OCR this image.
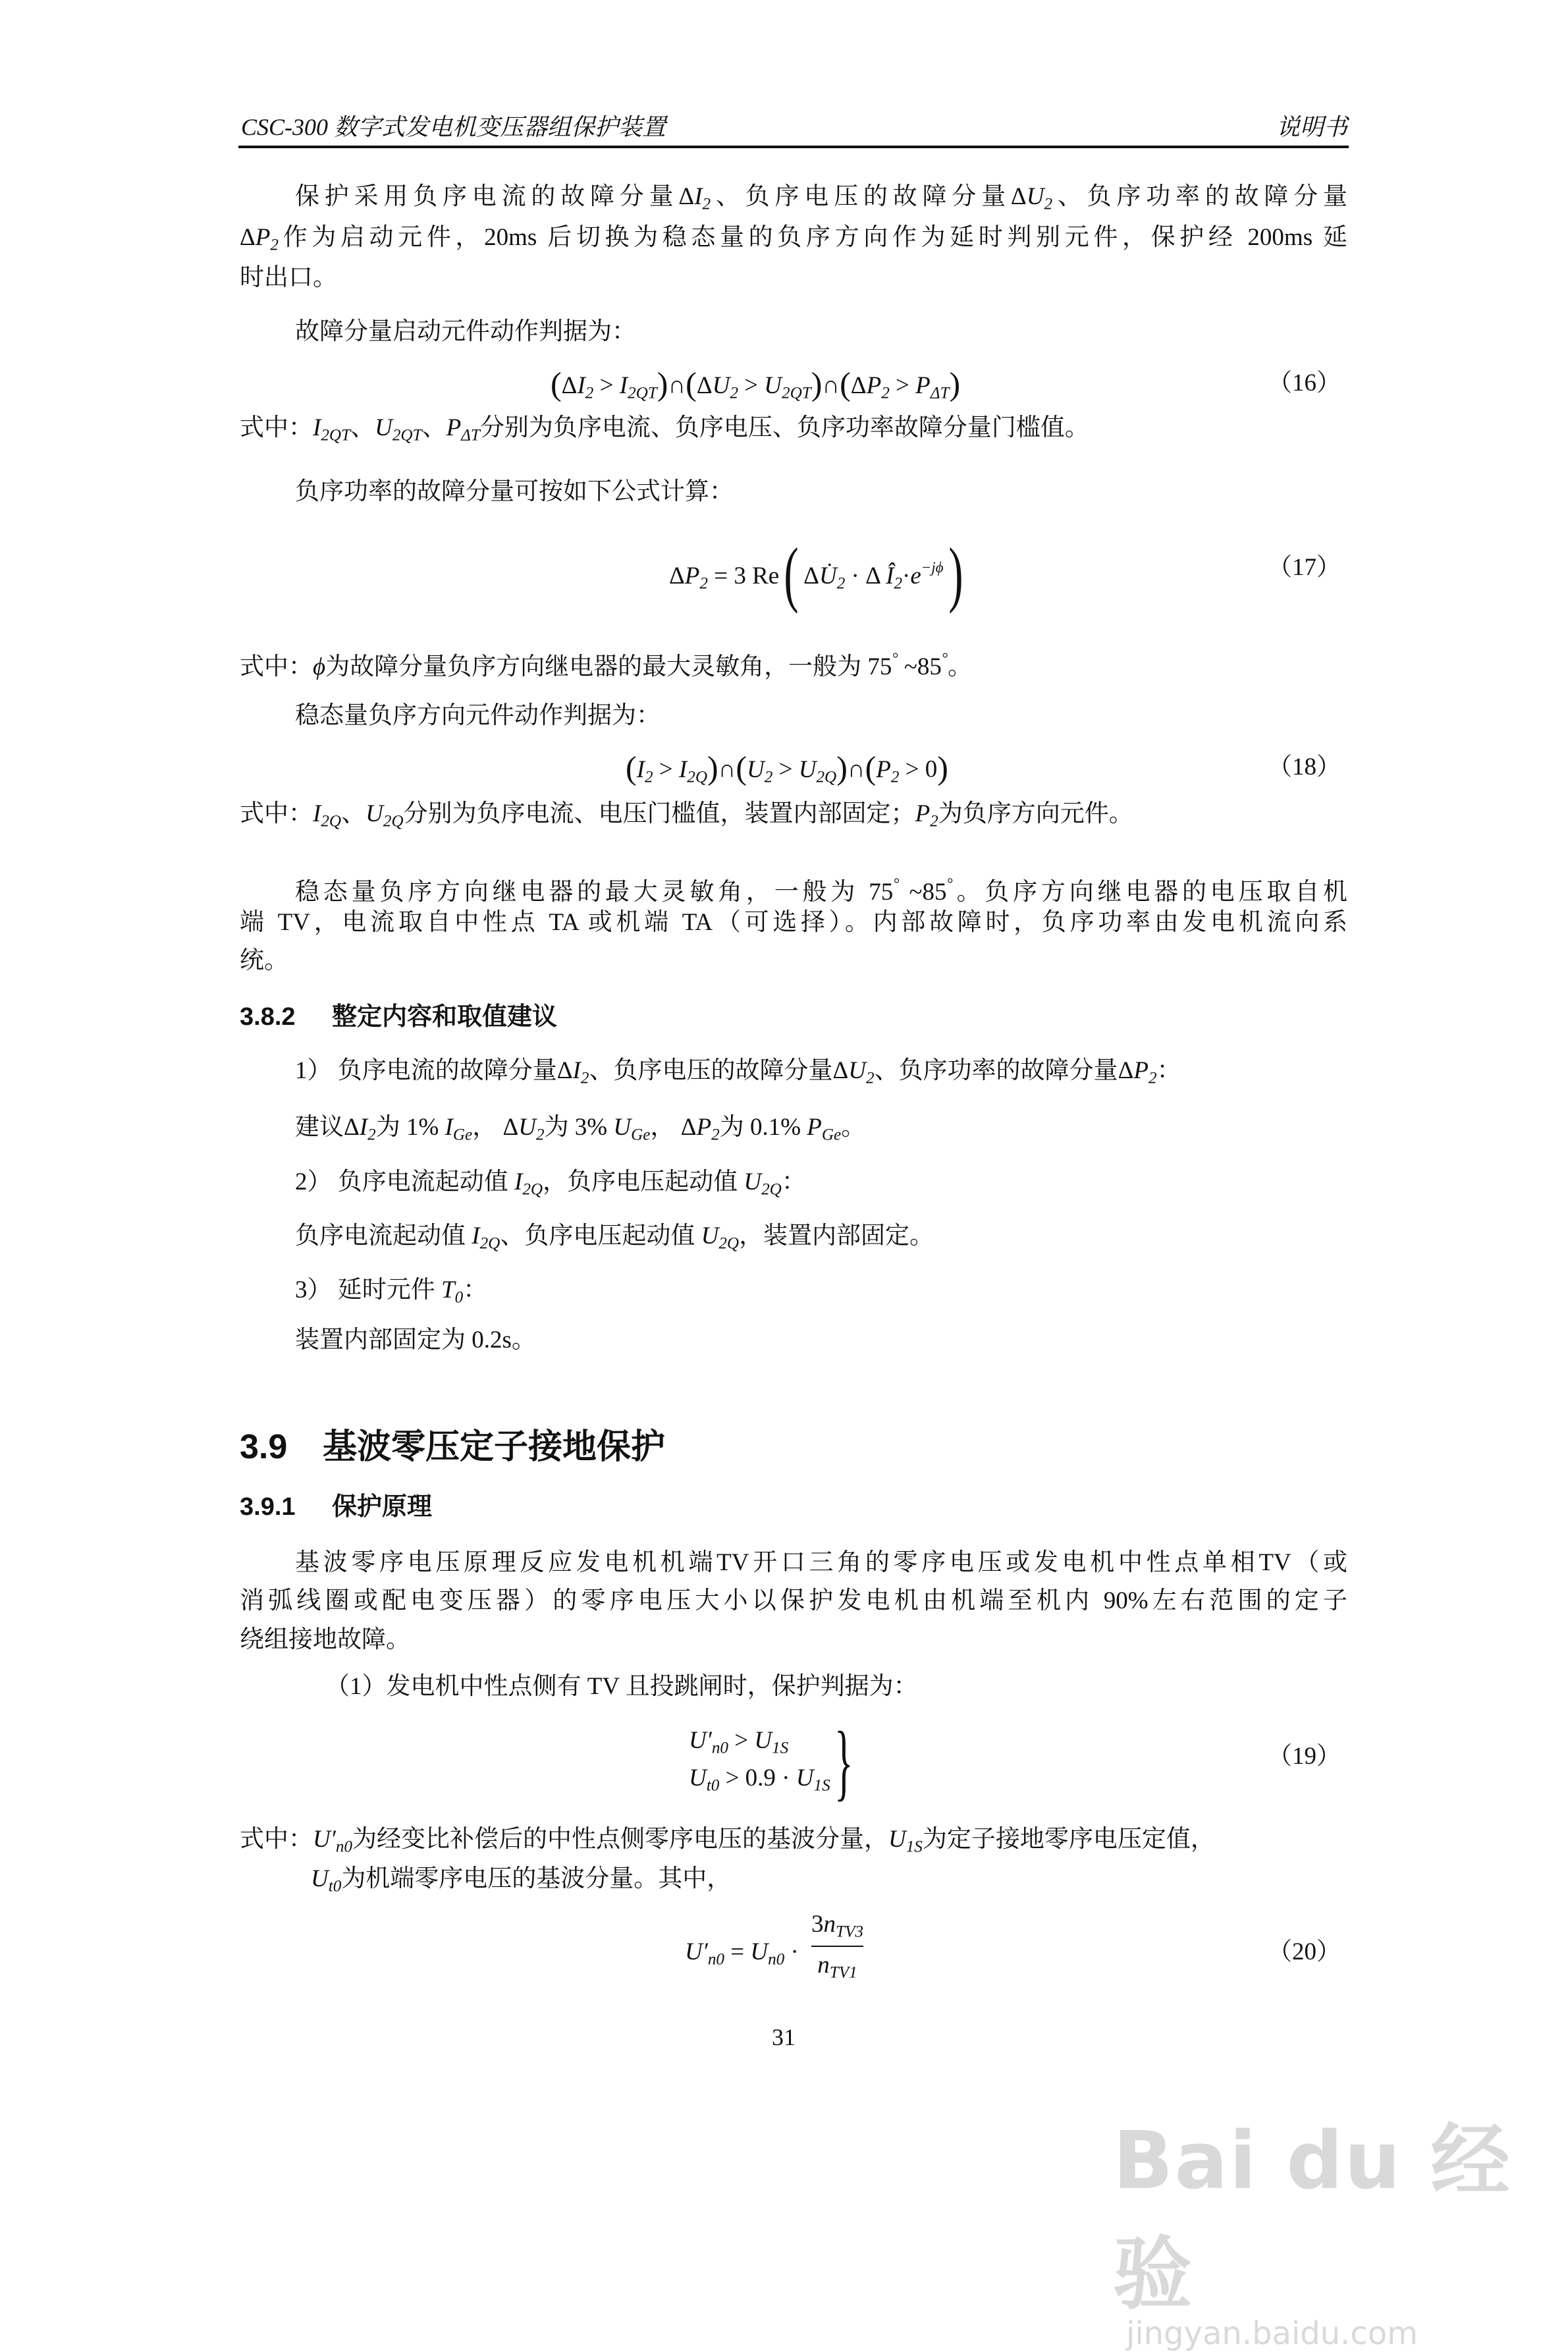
CSC-300 数字式发电机变压器组保护装置	说明书
保护采用负序电流的故障分量$\Delta I_2$、负序电压的故障分量$\Delta U_2$、负序功率的故障分量
$\Delta P_2$作为启动元件，20ms 后切换为稳态量的负序方向作为延时判别元件，保护经 200ms 延
时出口。
故障分量启动元件动作判据为：
($\Delta I_2$ > $I_{2QT})\cap(\Delta U_2$ > $U_{2QT})\cap(\Delta P_2 > P_{\Delta T})$	（16）
式中：$I_{2QT}$、$U_{2QT}$、$P_{\Delta T}$分别为负序电流、负序电压、负序功率故障分量门槛值。
负序功率的故障分量可按如下公式计算：
$\Delta P_2 = 3$ Re( $\Delta U̇_2 \cdot \Delta$ $Î_2\cdot e^{-j\phi}$)	（17）
式中：ϕ为故障分量负序方向继电器的最大灵敏角，一般为 75° ~85°。
稳态量负序方向元件动作判据为：
($I_2$ > $I_{2Q})\cap(U_2$ > $U_{2Q})\cap(P_2 > 0)$	（18）
式中：$I_{2Q}$、$U_{2Q}$分别为负序电流、电压门槛值，装置内部固定；$P_2$为负序方向元件。
稳态量负序方向继电器的最大灵敏角，一般为 75° ~85°。负序方向继电器的电压取自机
端 TV，电流取自中性点 TA 或机端 TA（可选择）。内部故障时，负序功率由发电机流向系
统。
3.8.2 整定内容和取值建议
1） 负序电流的故障分量$\Delta I_2$、负序电压的故障分量$\Delta U_2$、负序功率的故障分量$\Delta P_2$：
建议$\Delta I_2$为 1% $I_{Ge}$， $\Delta U_2$为 3% $U_{Ge}$， $\Delta P_2$为 0.1% $P_{Ge}$。
2） 负序电流起动值 $I_{2Q}$，负序电压起动值 $U_{2Q}$：
负序电流起动值 $I_{2Q}$、负序电压起动值 $U_{2Q}$，装置内部固定。
3） 延时元件 $T_0$：
装置内部固定为 0.2s。
3.9 基波零压定子接地保护
3.9.1 保护原理
基波零序电压原理反应发电机机端TV开口三角的零序电压或发电机中性点单相TV（或
消弧线圈或配电变压器）的零序电压大小以保护发电机由机端至机内 90%左右范围的定子
绕组接地故障。
（1）发电机中性点侧有 TV 且投跳闸时，保护判据为：
$U'_{n0} > U_{1S}$
$U_{t0} > 0.9 \cdot U_{1S}$ }	（19）
式中：$U'_{n0}$为经变比补偿后的中性点侧零序电压的基波分量，$U_{1S}$为定子接地零序电压定值，
$U_{t0}$为机端零序电压的基波分量。其中，
$U'_{n0} = U_{n0}$ ·
$3n_{TV3}$
$n_{TV1}$
（20）
31
Bai du 经验
jingyan.baidu.com
